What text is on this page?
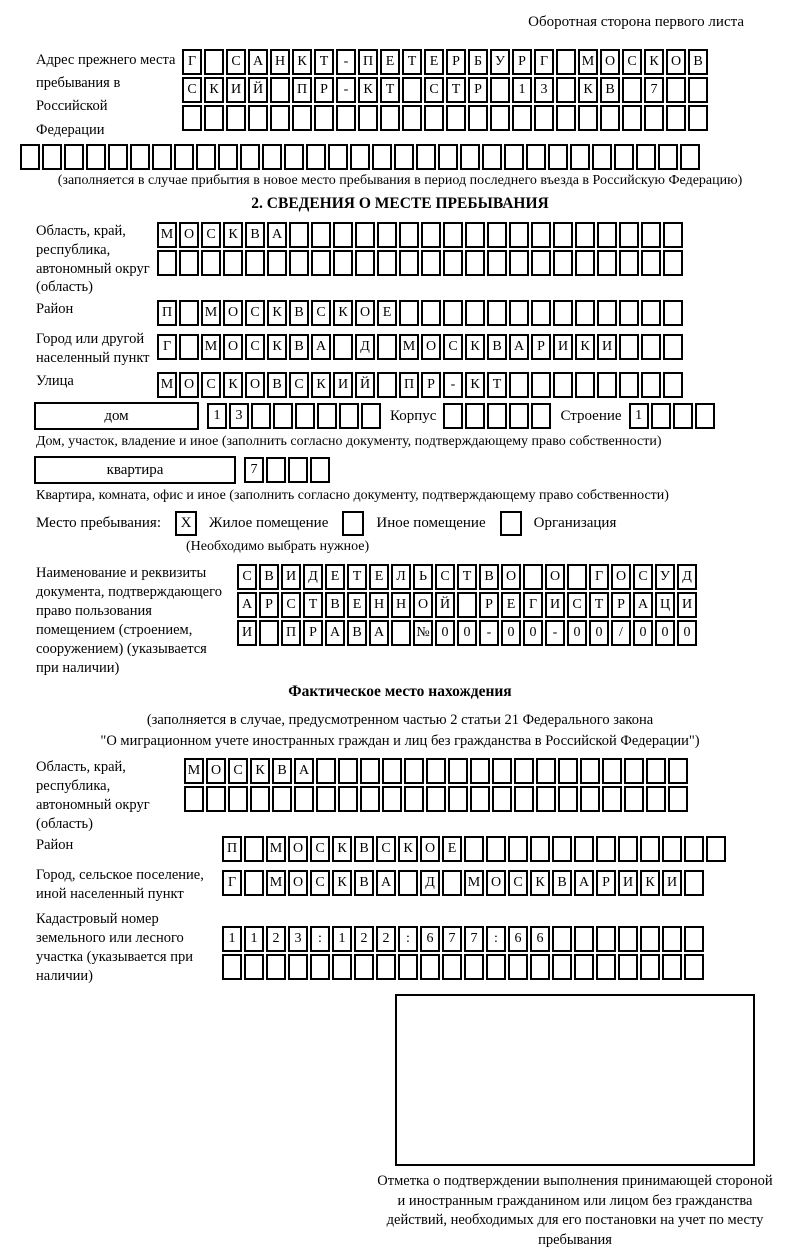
Оборотная сторона первого листа
Адрес прежнего места пребывания в Российской Федерации
Г	С А Н К Т	-	П Е Т Е Р	Б У Р	Г	М О С К О В
С К И Й	П Р	-	К Т	С Т Р	1	3	К В	7
(заполняется в случае прибытия в новое место пребывания в период последнего въезда в Российскую Федерацию)
2. СВЕДЕНИЯ О МЕСТЕ ПРЕБЫВАНИЯ
Область, край, республика, автономный округ (область)
М О С К В А
Район	П	М О С К В С К О Е
Город или другой населенный пункт
Г	М О С К В А	Д	М О С К В А Р И К И
Улица	М О С К О В С К И Й	П Р	-	К Т
дом	1	3	Корпус	Строение 1
Дом, участок, владение и иное (заполнить согласно документу, подтверждающему право собственности)
квартира	7
Квартира, комната, офис и иное (заполнить согласно документу, подтверждающему право собственности)
Место пребывания:	X	Жилое помещение	Иное помещение	Организация
(Необходимо выбрать нужное)
Наименование и реквизиты документа, подтверждающего право пользования помещением (строением, сооружением) (указывается при наличии)
С В И Д Е Т Е Л Ь С Т В О	О	Г О С У Д
А Р С Т В Е Н Н О Й	Р Е Г И С Т Р А Ц И
И	П Р А В А	№ 0	0	-	0	0	-	0	0	/	0	0	0
Фактическое место нахождения
(заполняется в случае, предусмотренном частью 2 статьи 21 Федерального закона
"О миграционном учете иностранных граждан и лиц без гражданства в Российской Федерации")
Область, край, республика, автономный округ (область)
М О С К В А
Район	П	М О С К В С К О Е
Город, сельское поселение, иной населенный пункт
Г	М О С К В А	Д	М О С К В А Р И К И
Кадастровый номер земельного или лесного участка (указывается при наличии)
1	1	2	3	:	1	2	2	:	6	7	7	:	6	6
Отметка о подтверждении выполнения принимающей стороной и иностранным гражданином или лицом без гражданства действий, необходимых для его постановки на учет по месту пребывания
